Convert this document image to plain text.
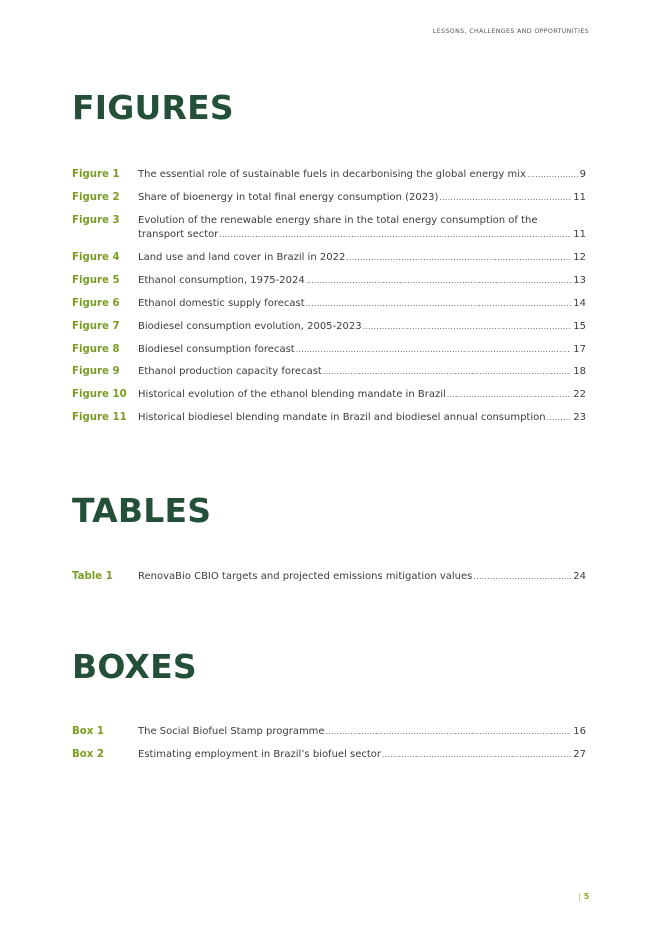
LESSONS, CHALLENGES AND OPPORTUNITIES
FIGURES
Figure 1	The essential role of sustainable fuels in decarbonising the global energy mix .....	9
Figure 2	Share of bioenergy in total final energy consumption (2023) .....	11
Figure 3	Evolution of the renewable energy share in the total energy consumption of the
transport sector .....	11
Figure 4	Land use and land cover in Brazil in 2022 .....	12
Figure 5	Ethanol consumption, 1975-2024 .....	13
Figure 6	Ethanol domestic supply forecast .....	14
Figure 7	Biodiesel consumption evolution, 2005-2023 .....	15
Figure 8	Biodiesel consumption forecast .....	17
Figure 9	Ethanol production capacity forecast .....	18
Figure 10	Historical evolution of the ethanol blending mandate in Brazil .....	22
Figure 11	Historical biodiesel blending mandate in Brazil and biodiesel annual consumption .....	23
TABLES
Table 1	RenovaBio CBIO targets and projected emissions mitigation values .....	24
BOXES
Box 1	The Social Biofuel Stamp programme .....	16
Box 2	Estimating employment in Brazil’s biofuel sector .....	27
| 5
